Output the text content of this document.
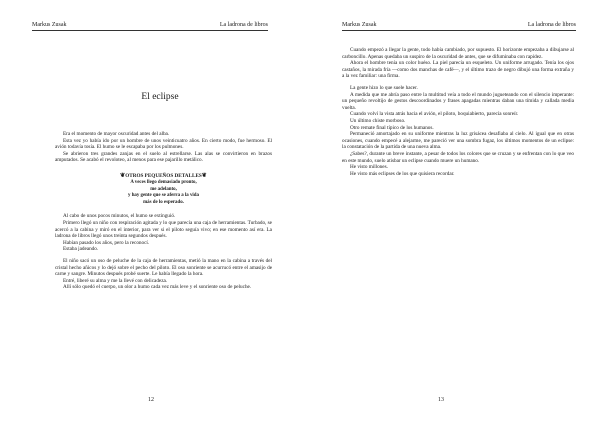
Markus Zusak	La ladrona de libros
El eclipse

Era el momento de mayor oscuridad antes del alba.

Esta vez yo había ido por un hombre de unos veinticuatro años. En cierto modo, fue hermoso. El avión todavía tosía. El humo se le escapaba por los pulmones.

Se abrieron tres grandes zanjas en el suelo al estrellarse. Las alas se convirtieron en brazos amputados. Se acabó el revoloteo, al menos para ese pajarillo metálico.

❦OTROS PEQUEÑOS DETALLES❦
A veces llego demasiado pronto,
me adelanto,
y hay gente que se aferra a la vida
más de lo esperado.

Al cabo de unos pocos minutos, el humo se extinguió.

Primero llegó un niño con respiración agitada y lo que parecía una caja de herramientas. Turbado, se acercó a la cabina y miró en el interior, para ver si el piloto seguía vivo; en ese momento así era. La ladrona de libros llegó unos treinta segundos después.

Habían pasado los años, pero la reconocí.

Estaba jadeando.

El niño sacó un oso de peluche de la caja de herramientas, metió la mano en la cabina a través del cristal hecho añicos y lo dejó sobre el pecho del piloto. El oso sonriente se acurrucó entre el amasijo de carne y sangre. Minutos después probé suerte. Le había llegado la hora.

Entré, liberé su alma y me la llevé con delicadeza.

Allí sólo quedó el cuerpo, un olor a humo cada vez más leve y el sonriente oso de peluche.

12
Markus Zusak	La ladrona de libros

Cuando empezó a llegar la gente, todo había cambiado, por supuesto. El horizonte empezaba a dibujarse al carboncillo. Apenas quedaba un suspiro de la oscuridad de antes, que se difuminaba con rapidez.

Ahora el hombre tenía un color huéso. La piel parecía un esqueleto. Un uniforme arrugado. Tenía los ojos castaños, la mirada fría —como dos manchas de café—, y el último trazo de negro dibujó una forma extraña y a la vez familiar: una firma.

La gente hizo lo que suele hacer.

A medida que me abría paso entre la multitud veía a todo el mundo jugueteando con el silencio imperante: un pequeño revoltijo de gestos descoordinados y frases apagadas mientras daban una tímida y callada media vuelta.

Cuando volví la vista atrás hacia el avión, el piloto, boquiabierto, parecía sonreír.

Un último chiste morboso.

Otro remate final típico de los humanos.

Permaneció amortajado en su uniforme mientras la luz grisácea desafiaba al cielo. Al igual que en otras ocasiones, cuando empecé a alejarme, me pareció ver una sombra fugaz, los últimos momentos de un eclipse: la constatación de la partida de una nueva alma.

¿Sabes?, durante un breve instante, a pesar de todos los colores que se cruzan y se enfrentan con lo que veo en este mundo, suelo atisbar un eclipse cuando muere un humano.

He visto millones.

He visto más eclipses de los que quisiera recordar.

13
